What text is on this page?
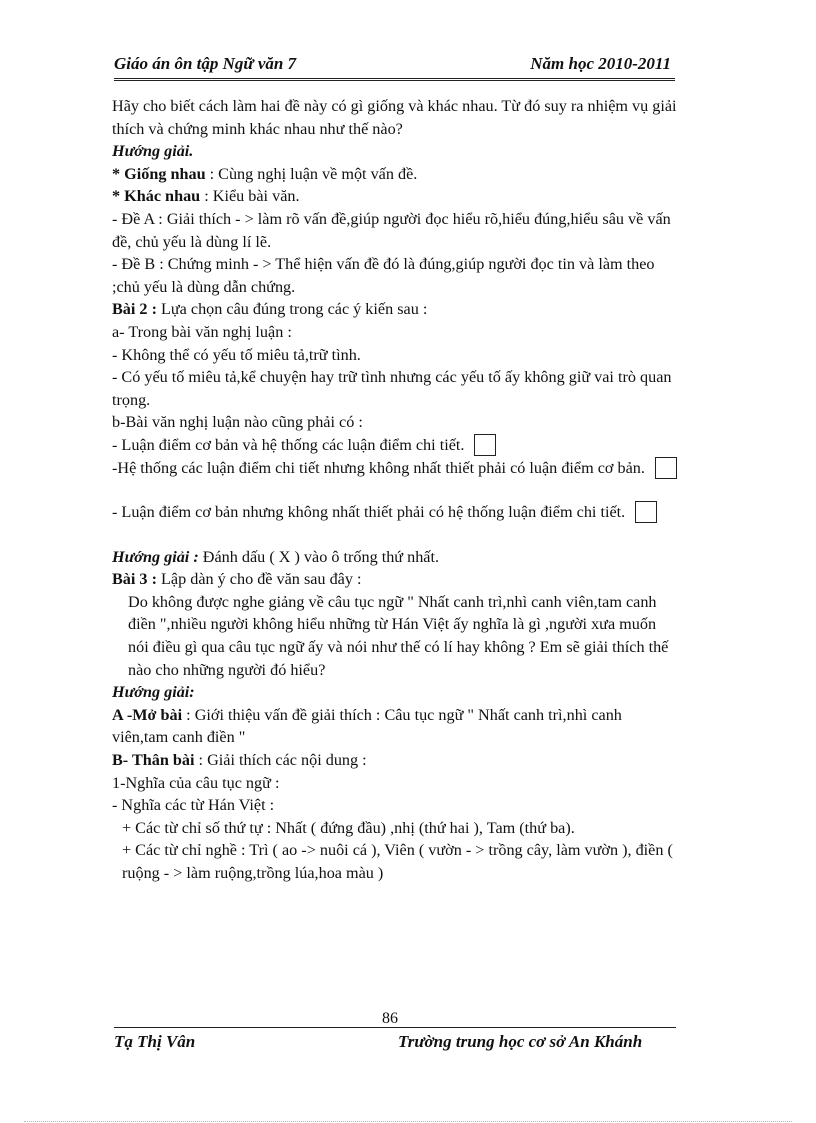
Giáo án ôn tập Ngữ văn 7	Năm học 2010-2011

Hãy cho biết cách làm hai đề này có gì giống và khác nhau. Từ đó suy ra nhiệm vụ giải thích và chứng minh khác nhau như thế nào?

Hướng giải.

* Giống nhau : Cùng nghị luận về một vấn đề.

* Khác nhau : Kiểu bài văn.

- Đề A : Giải thích - > làm rõ vấn đề,giúp người đọc hiểu rõ,hiểu đúng,hiểu sâu về vấn đề, chủ yếu là dùng lí lẽ.

- Đề B : Chứng minh - > Thể hiện vấn đề đó là đúng,giúp người đọc tin và làm theo ;chủ yếu là dùng dẫn chứng.

Bài 2 : Lựa chọn câu đúng trong các ý kiến sau :

a- Trong bài văn nghị luận :

- Không thể có yếu tố miêu tả,trữ tình.

- Có yếu tố miêu tả,kể chuyện hay trữ tình nhưng các yếu tố ấy không giữ vai trò quan trọng.

b-Bài văn nghị luận nào cũng phải có :

- Luận điểm cơ bản và hệ thống các luận điểm chi tiết.

-Hệ thống các luận điểm chi tiết nhưng không nhất thiết phải có luận điểm cơ bản.

- Luận điểm cơ bản nhưng không nhất thiết phải có hệ thống luận điểm chi tiết.

Hướng giải : Đánh dấu ( X ) vào ô trống thứ nhất.

Bài 3 : Lập dàn ý cho đề văn sau đây :

Do không được nghe giảng về câu tục ngữ " Nhất canh trì,nhì canh viên,tam canh điền ",nhiều người không hiểu những từ Hán Việt ấy nghĩa là gì ,người xưa muốn nói điều gì qua câu tục ngữ ấy và nói như thế có lí hay không ? Em sẽ giải thích thế nào cho những người đó hiểu?

Hướng giải:

A -Mở bài : Giới thiệu vấn đề giải thích : Câu tục ngữ " Nhất canh trì,nhì canh viên,tam canh điền "

B- Thân bài : Giải thích các nội dung :

1-Nghĩa của câu tục ngữ :

- Nghĩa các từ Hán Việt :

+ Các từ chỉ số thứ tự : Nhất ( đứng đầu) ,nhị (thứ hai ), Tam (thứ ba).

+ Các từ chỉ nghề : Trì ( ao -> nuôi cá ), Viên ( vườn - > trồng cây, làm vườn ), điền ( ruộng - > làm ruộng,trồng lúa,hoa màu )

86
Tạ Thị Vân	Trường trung học cơ sở An Khánh
